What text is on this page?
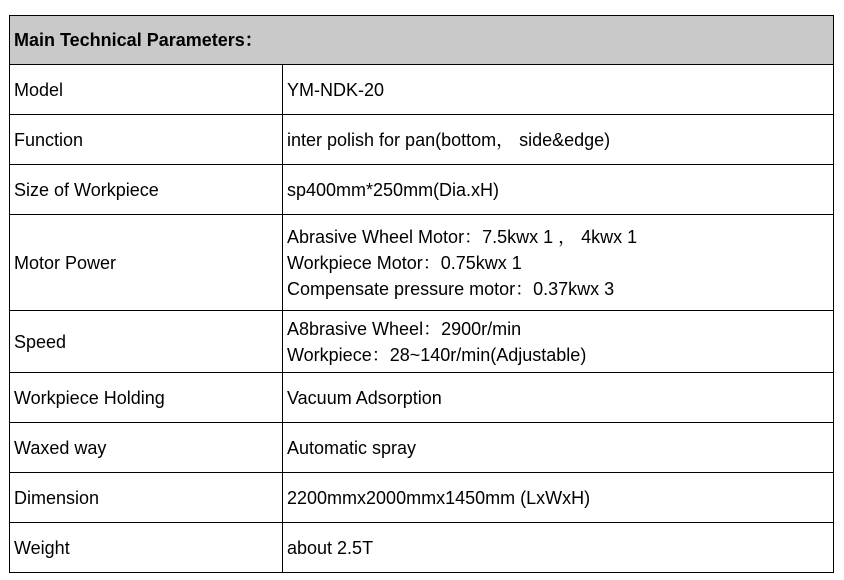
Main Technical Parameters：	
Model	YM-NDK-20

Function	inter polish for pan(bottom， side&edge)

Size of Workpiece	sp400mm*250mm(Dia.xH)

Motor Power	Abrasive Wheel Motor：7.5kwx 1 ， 4kwx 1
Workpiece Motor：0.75kwx 1
Compensate pressure motor：0.37kwx 3

Speed	A8brasive Wheel：2900r/min
Workpiece：28~140r/min(Adjustable)

Workpiece Holding	Vacuum Adsorption

Waxed way	Automatic spray

Dimension	2200mmx2000mmx1450mm (LxWxH)

Weight	about 2.5T
